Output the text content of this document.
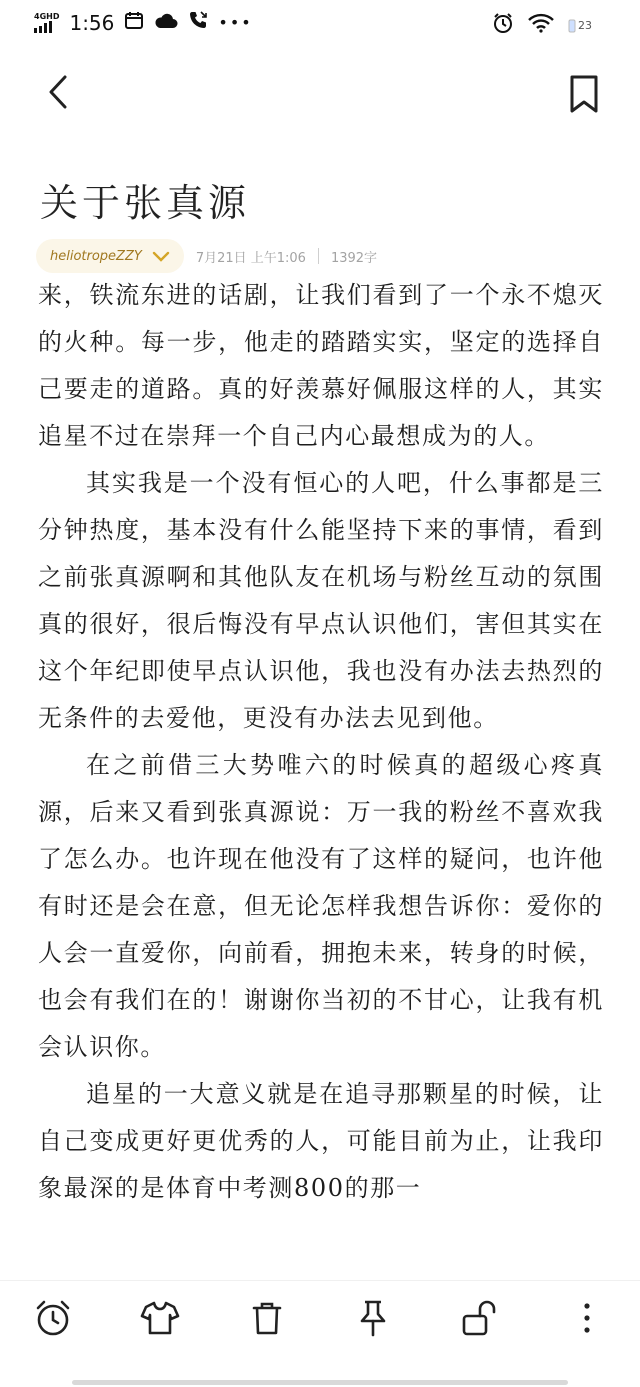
4GHD 1:56	•••	23
关于张真源
heliotropeZZY	7月21日 上午1:06 1392字

来，铁流东进的话剧，让我们看到了一个永不熄灭的火种。每一步，他走的踏踏实实，坚定的选择自己要走的道路。真的好羡慕好佩服这样的人，其实追星不过在崇拜一个自己内心最想成为的人。

其实我是一个没有恒心的人吧，什么事都是三分钟热度，基本没有什么能坚持下来的事情，看到之前张真源啊和其他队友在机场与粉丝互动的氛围真的很好，很后悔没有早点认识他们，害但其实在这个年纪即使早点认识他，我也没有办法去热烈的无条件的去爱他，更没有办法去见到他。

在之前借三大势唯六的时候真的超级心疼真源，后来又看到张真源说：万一我的粉丝不喜欢我了怎么办。也许现在他没有了这样的疑问，也许他有时还是会在意，但无论怎样我想告诉你：爱你的人会一直爱你，向前看，拥抱未来，转身的时候，也会有我们在的！谢谢你当初的不甘心，让我有机会认识你。

追星的一大意义就是在追寻那颗星的时候，让自己变成更好更优秀的人，可能目前为止，让我印象最深的是体育中考测800的那一
